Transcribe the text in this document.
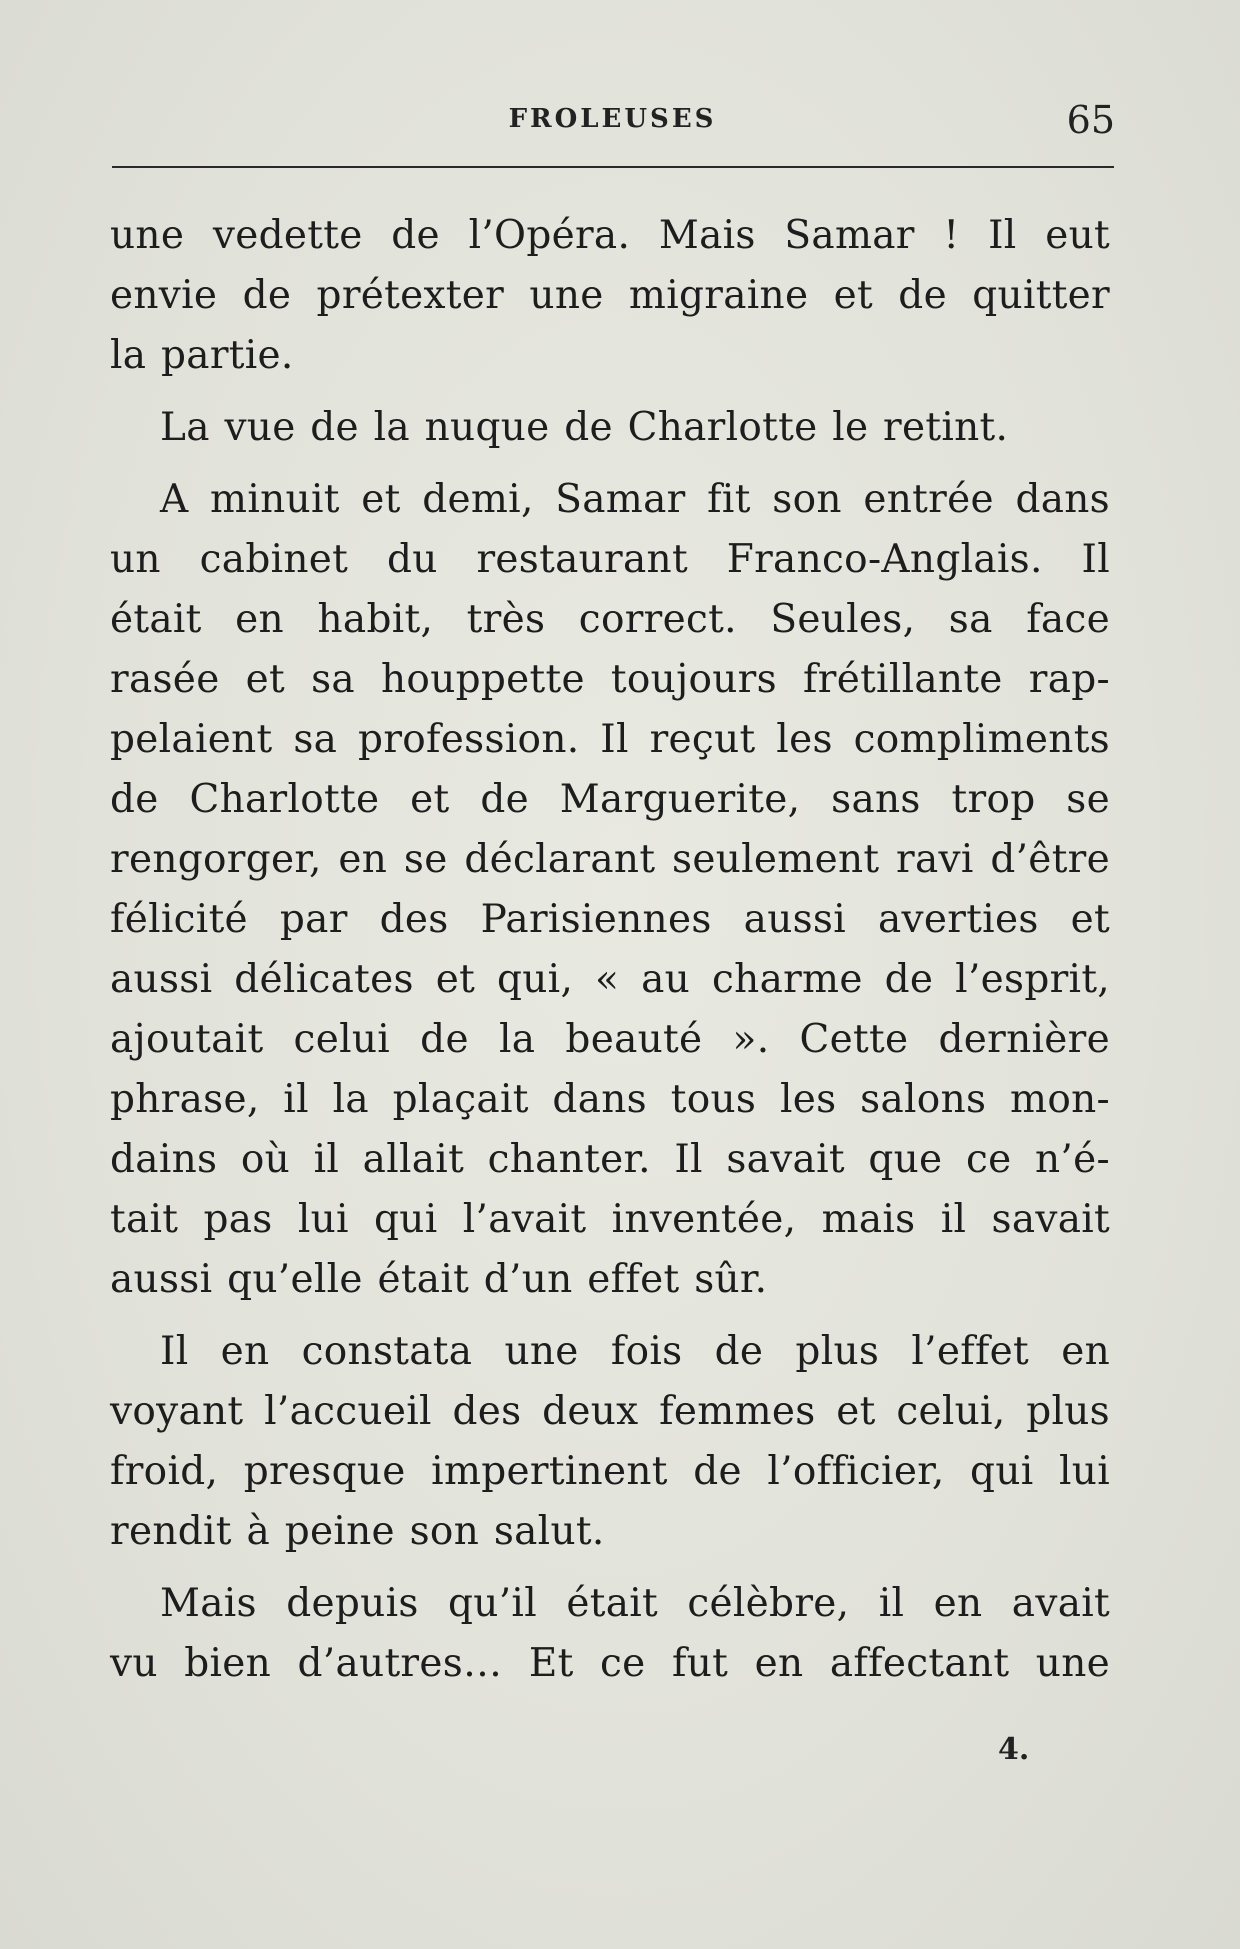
FROLEUSES	65

une vedette de l’Opéra. Mais Samar ! Il eut
envie de prétexter une migraine et de quitter
la partie.

La vue de la nuque de Charlotte le retint.

A minuit et demi, Samar fit son entrée dans
un cabinet du restaurant Franco-Anglais. Il
était en habit, très correct. Seules, sa face
rasée et sa houppette toujours frétillante rap-
pelaient sa profession. Il reçut les compliments
de Charlotte et de Marguerite, sans trop se
rengorger, en se déclarant seulement ravi d’être
félicité par des Parisiennes aussi averties et
aussi délicates et qui, « au charme de l’esprit,
ajoutait celui de la beauté ». Cette dernière
phrase, il la plaçait dans tous les salons mon-
dains où il allait chanter. Il savait que ce n’é-
tait pas lui qui l’avait inventée, mais il savait
aussi qu’elle était d’un effet sûr.

Il en constata une fois de plus l’effet en
voyant l’accueil des deux femmes et celui, plus
froid, presque impertinent de l’officier, qui lui
rendit à peine son salut.

Mais depuis qu’il était célèbre, il en avait
vu bien d’autres… Et ce fut en affectant une

4.
